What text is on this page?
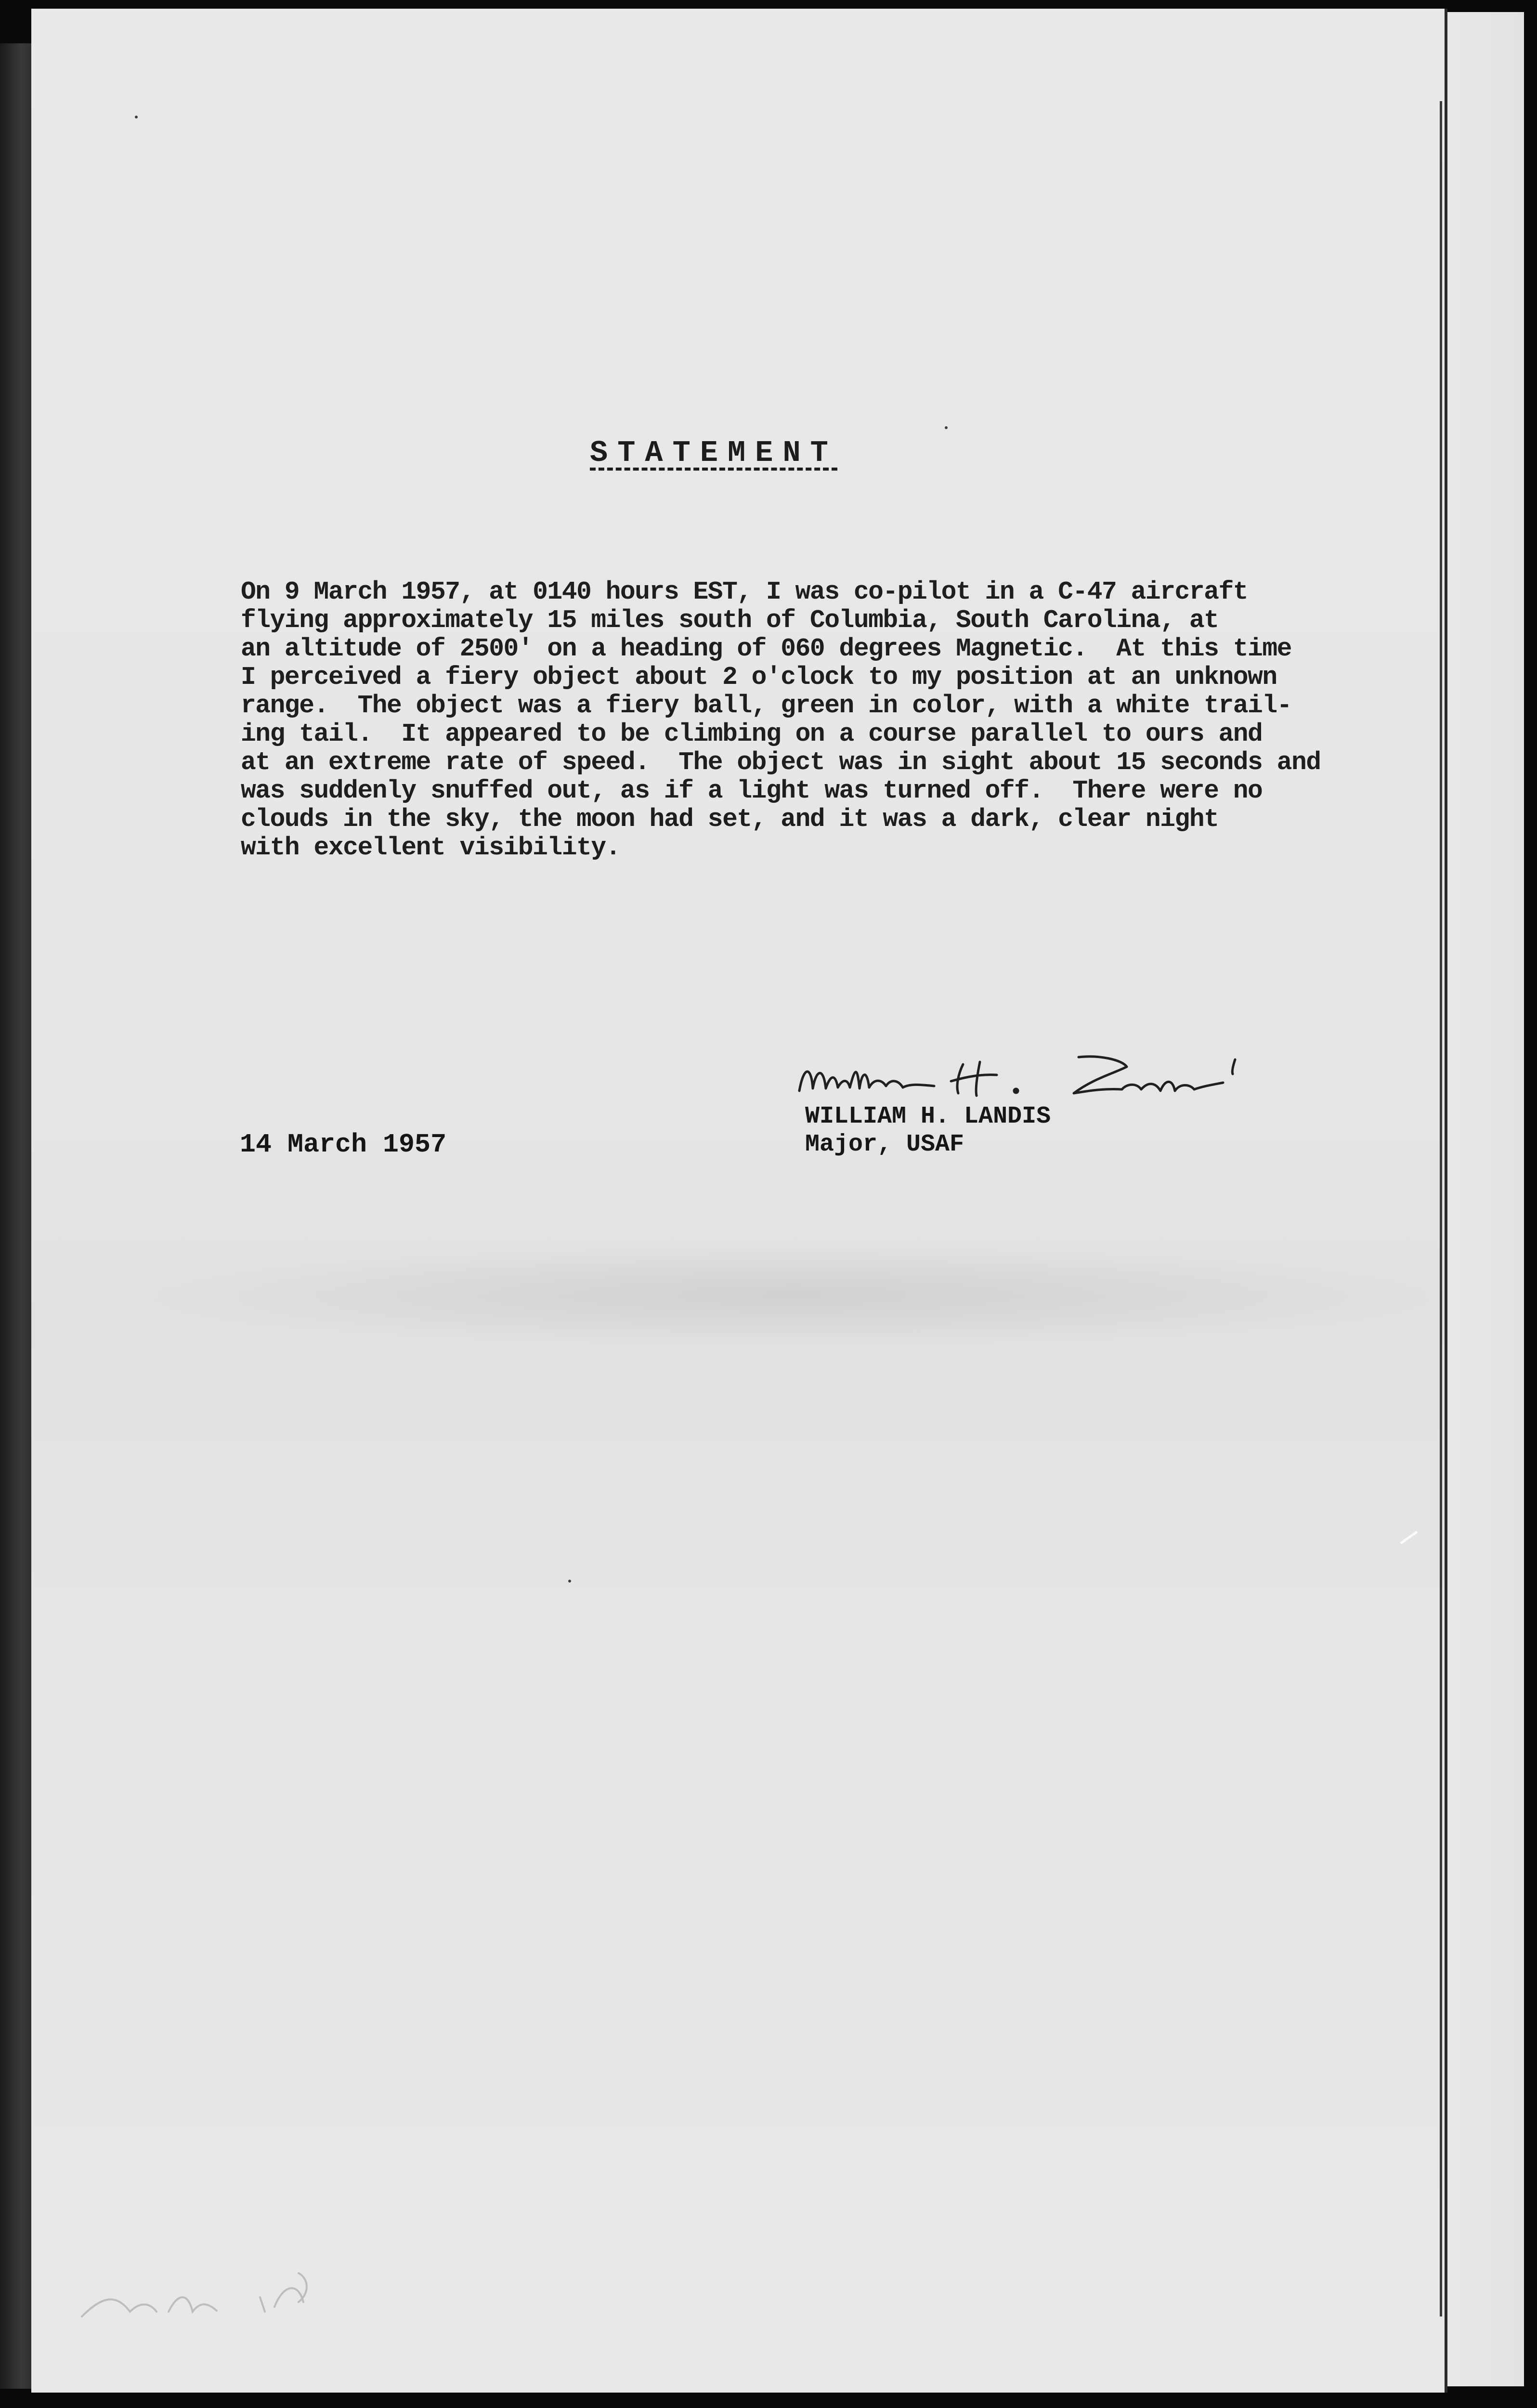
STATEMENT
On 9 March 1957, at 0140 hours EST, I was co-pilot in a C-47 aircraft
flying approximately 15 miles south of Columbia, South Carolina, at
an altitude of 2500' on a heading of 060 degrees Magnetic.  At this time
I perceived a fiery object about 2 o'clock to my position at an unknown
range.  The object was a fiery ball, green in color, with a white trail-
ing tail.  It appeared to be climbing on a course parallel to ours and
at an extreme rate of speed.  The object was in sight about 15 seconds and
was suddenly snuffed out, as if a light was turned off.  There were no
clouds in the sky, the moon had set, and it was a dark, clear night
with excellent visibility.
14 March 1957
WILLIAM H. LANDIS
Major, USAF
